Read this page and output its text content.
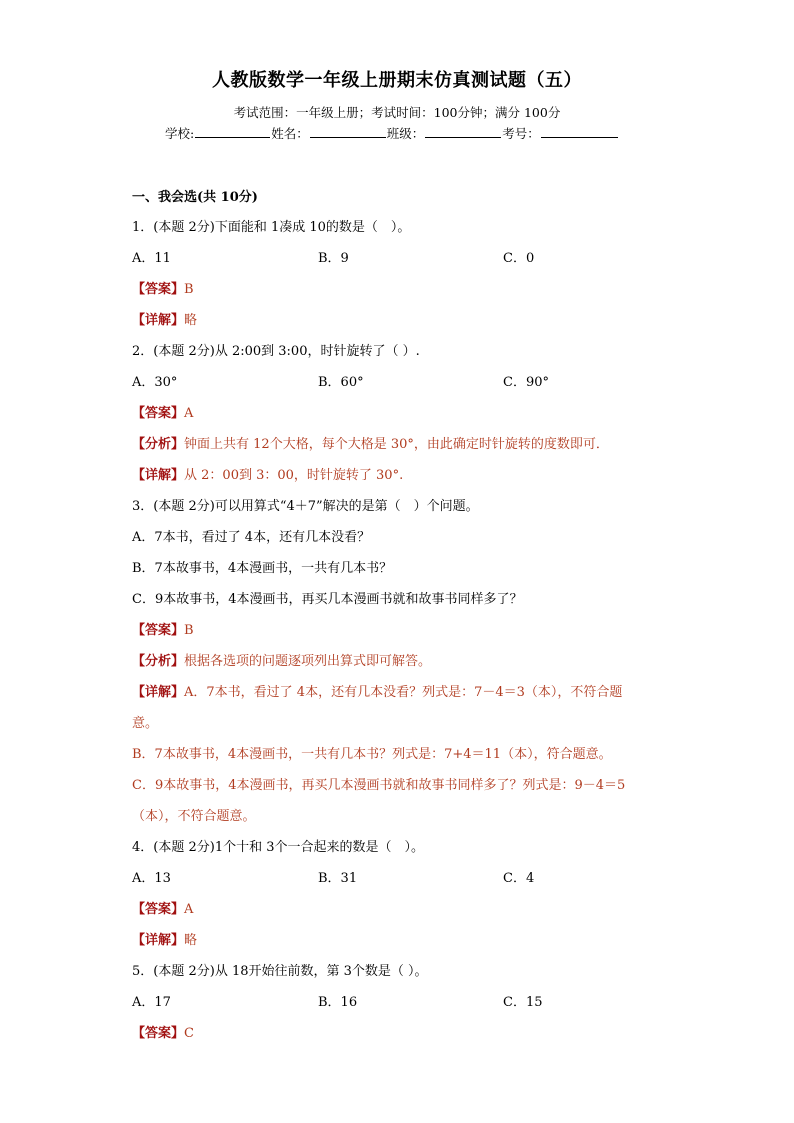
人教版数学一年级上册期末仿真测试题（五）
考试范围：一年级上册；考试时间：100分钟；满分 100分
学校:	姓名：	班级：	考号：
一、我会选(共 10分)
1．(本题 2分)下面能和 1凑成 10的数是（　）。
A．11	B．9	C．0
【答案】B
【详解】略
2．(本题 2分)从 2:00到 3:00，时针旋转了（ ）.
A．30°	B．60°	C．90°
【答案】A
【分析】钟面上共有 12个大格，每个大格是 30°，由此确定时针旋转的度数即可．
【详解】从 2：00到 3：00，时针旋转了 30°.
3．(本题 2分)可以用算式“4＋7”解决的是第（　）个问题。
A．7本书，看过了 4本，还有几本没看？
B．7本故事书，4本漫画书，一共有几本书？
C．9本故事书，4本漫画书，再买几本漫画书就和故事书同样多了？
【答案】B
【分析】根据各选项的问题逐项列出算式即可解答。
【详解】A．7本书，看过了 4本，还有几本没看？列式是：7－4＝3（本），不符合题
意。
B．7本故事书，4本漫画书，一共有几本书？列式是：7+4＝11（本），符合题意。
C．9本故事书，4本漫画书，再买几本漫画书就和故事书同样多了？列式是：9－4＝5
（本），不符合题意。
4．(本题 2分)1个十和 3个一合起来的数是（　）。
A．13	B．31	C．4
【答案】A
【详解】略
5．(本题 2分)从 18开始往前数，第 3个数是（ ）。
A．17	B．16	C．15
【答案】C
